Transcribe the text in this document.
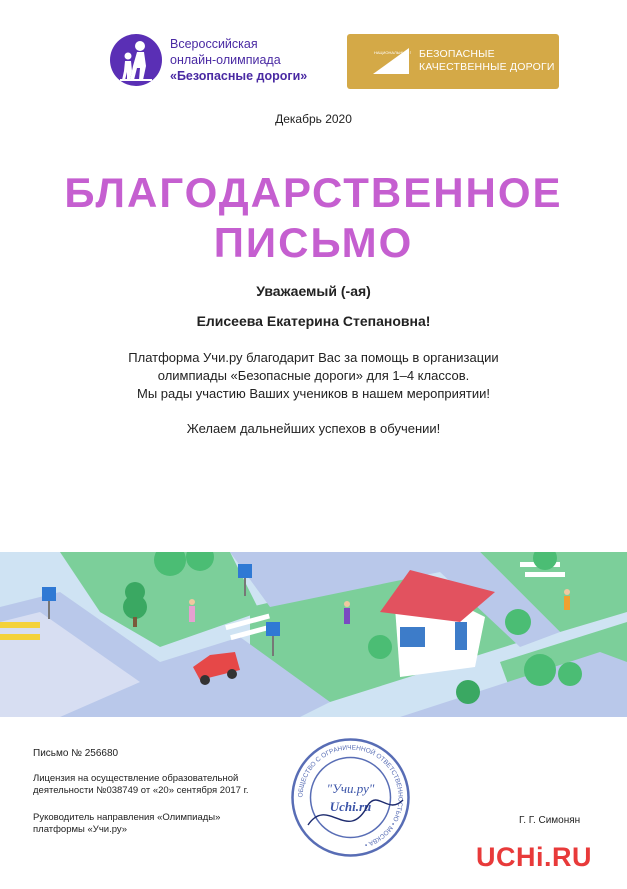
Всероссийская
онлайн-олимпиада
«Безопасные дороги»
НАЦИОНАЛЬНЫЕ	БЕЗОПАСНЫЕ
КАЧЕСТВЕННЫЕ ДОРОГИ
Декабрь 2020
БЛАГОДАРСТВЕННОЕ
ПИСЬМО
Уважаемый (-ая)
Елисеева Екатерина Степановна!
Платформа Учи.ру благодарит Вас за помощь в организации
олимпиады «Безопасные дороги» для 1–4 классов.
Мы рады участию Ваших учеников в нашем мероприятии!
Желаем дальнейших успехов в обучении!
Письмо № 256680
Лицензия на осуществление образовательной
деятельности №038749 от «20» сентября 2017 г.
Руководитель направления «Олимпиады»
платформы «Учи.ру»
ОБЩЕСТВО С ОГРАНИЧЕННОЙ ОТВЕТСТВЕННОСТЬЮ • МОСКВА •
"Учи.ру"
Uchi.ru
Г. Г. Симонян
UCHi.RU
